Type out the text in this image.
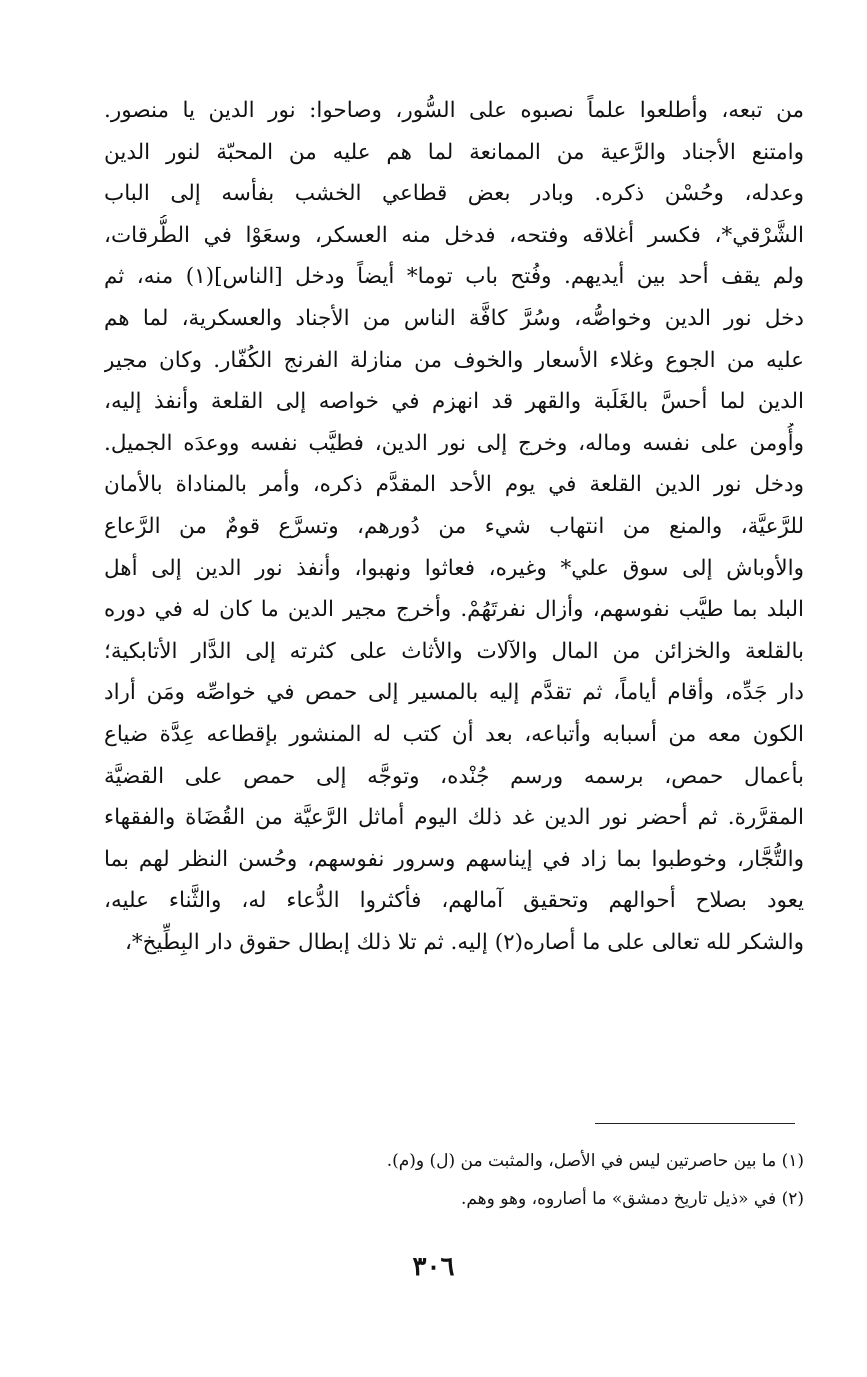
من تبعه، وأطلعوا علماً نصبوه على السُّور، وصاحوا: نور الدين يا منصور.
وامتنع الأجناد والرَّعية من الممانعة لما هم عليه من المحبّة لنور الدين
وعدله، وحُسْن ذكره. وبادر بعض قطاعي الخشب بفأسه إلى الباب
الشَّرْقي*، فكسر أغلاقه وفتحه، فدخل منه العسكر، وسعَوْا في الطُّرقات،
ولم يقف أحد بين أيديهم. وفُتح باب توما* أيضاً ودخل [الناس](١) منه، ثم
دخل نور الدين وخواصُّه، وسُرَّ كافَّة الناس من الأجناد والعسكرية، لما هم
عليه من الجوع وغلاء الأسعار والخوف من منازلة الفرنج الكُفّار. وكان مجير
الدين لما أحسَّ بالغَلَبة والقهر قد انهزم في خواصه إلى القلعة وأنفذ إليه،
وأُومن على نفسه وماله، وخرج إلى نور الدين، فطيَّب نفسه ووعدَه الجميل.
ودخل نور الدين القلعة في يوم الأحد المقدَّم ذكره، وأمر بالمناداة بالأمان
للرَّعيَّة، والمنع من انتهاب شيء من دُورهم، وتسرَّع قومٌ من الرَّعاع
والأوباش إلى سوق علي* وغيره، فعاثوا ونهبوا، وأنفذ نور الدين إلى أهل
البلد بما طيَّب نفوسهم، وأزال نفرتَهُمْ. وأخرج مجير الدين ما كان له في دوره
بالقلعة والخزائن من المال والآلات والأثاث على كثرته إلى الدَّار الأتابكية؛
دار جَدِّه، وأقام أياماً، ثم تقدَّم إليه بالمسير إلى حمص في خواصِّه ومَن أراد
الكون معه من أسبابه وأتباعه، بعد أن كتب له المنشور بإقطاعه عِدَّة ضياع
بأعمال حمص، برسمه ورسم جُنْده، وتوجَّه إلى حمص على القضيَّة
المقرَّرة. ثم أحضر نور الدين غد ذلك اليوم أماثل الرَّعيَّة من القُضَاة والفقهاء
والتُّجَّار، وخوطبوا بما زاد في إيناسهم وسرور نفوسهم، وحُسن النظر لهم بما
يعود بصلاح أحوالهم وتحقيق آمالهم، فأكثروا الدُّعاء له، والثَّناء عليه،
والشكر لله تعالى على ما أصاره(٢) إليه. ثم تلا ذلك إبطال حقوق دار البِطِّيخ*،
(١) ما بين حاصرتين ليس في الأصل، والمثبت من (ل) و(م).
(٢) في «ذيل تاريخ دمشق» ما أصاروه، وهو وهم.
٣٠٦
